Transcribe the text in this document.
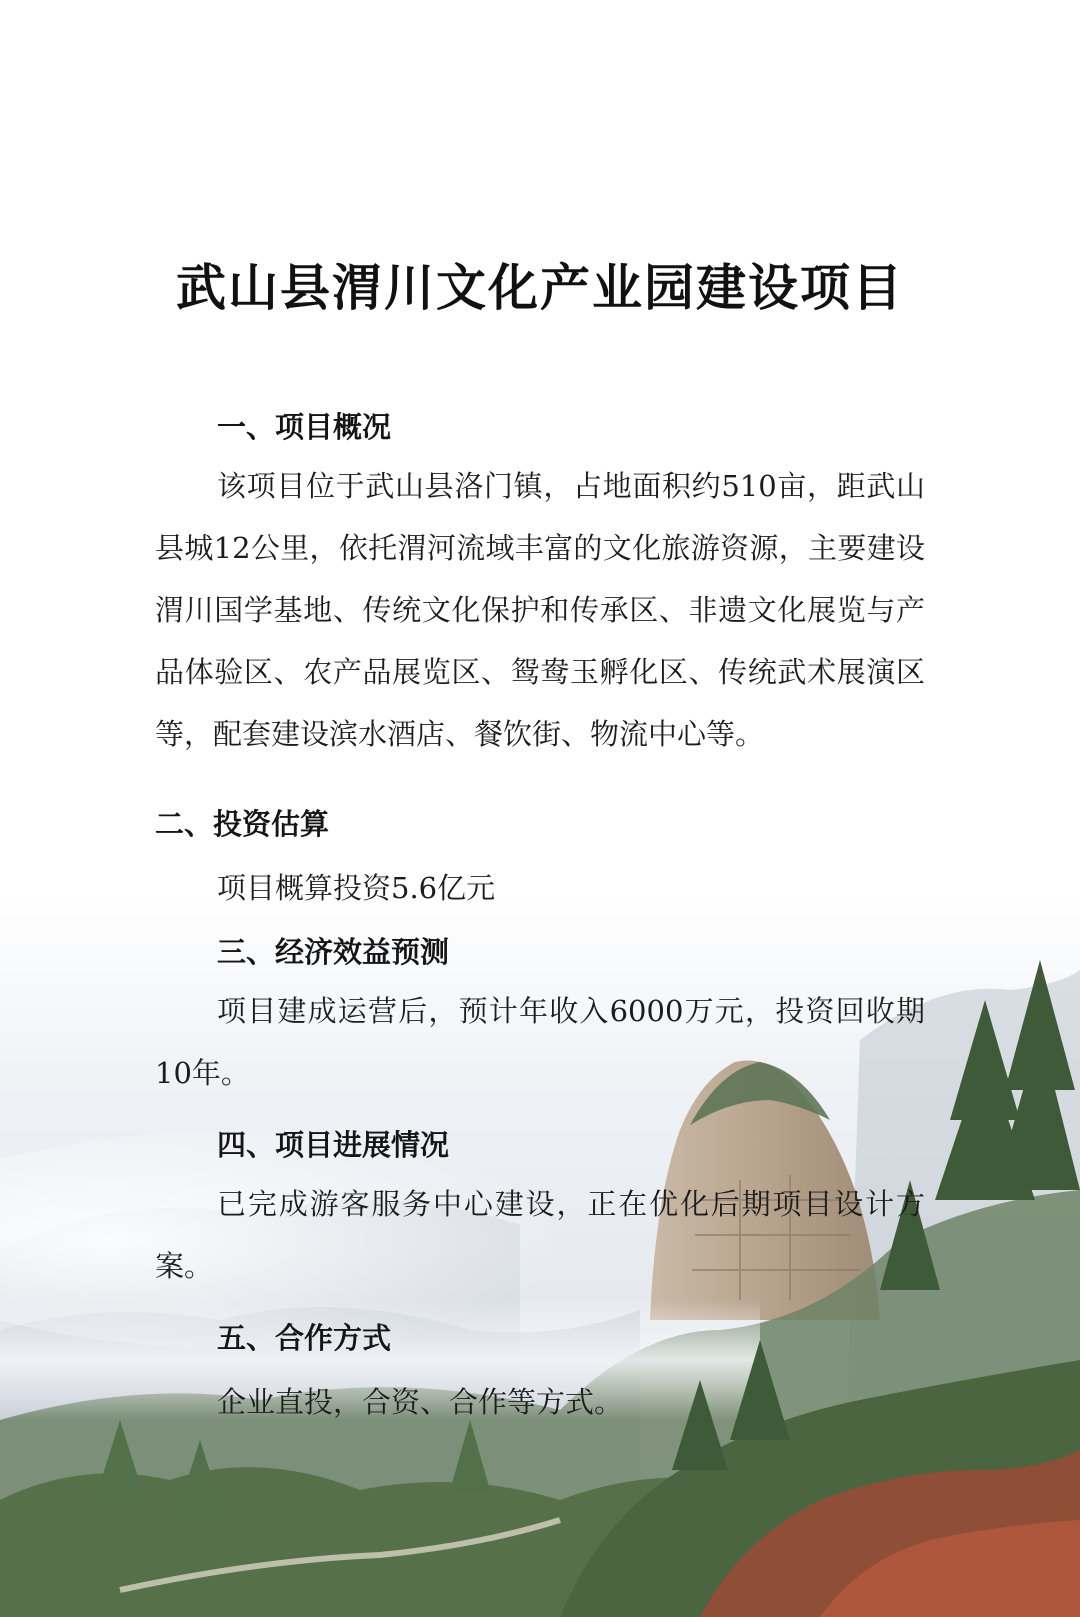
武山县渭川文化产业园建设项目
一、项目概况

该项目位于武山县洛门镇，占地面积约510亩，距武山县城12公里，依托渭河流域丰富的文化旅游资源，主要建设渭川国学基地、传统文化保护和传承区、非遗文化展览与产品体验区、农产品展览区、鸳鸯玉孵化区、传统武术展演区等，配套建设滨水酒店、餐饮街、物流中心等。

二、投资估算

项目概算投资5.6亿元

三、经济效益预测

项目建成运营后，预计年收入6000万元，投资回收期10年。

四、项目进展情况

已完成游客服务中心建设，正在优化后期项目设计方案。

五、合作方式

企业直投，合资、合作等方式。
